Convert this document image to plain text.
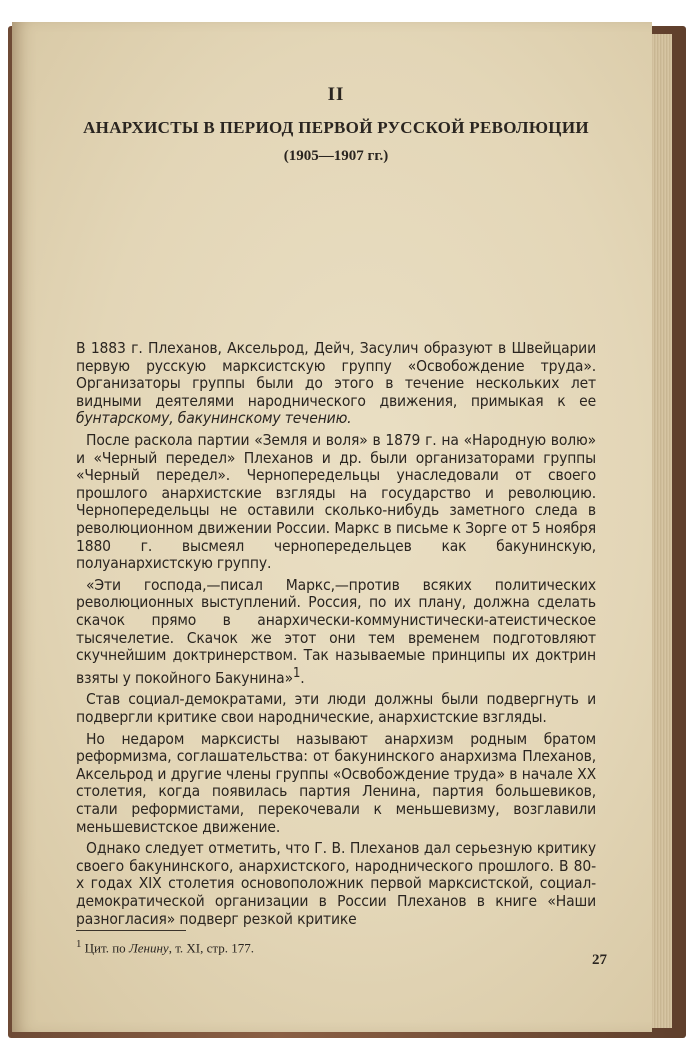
II

АНАРХИСТЫ В ПЕРИОД ПЕРВОЙ РУССКОЙ РЕВОЛЮЦИИ

(1905—1907 гг.)

В 1883 г. Плеханов, Аксельрод, Дейч, Засулич образуют в Швейцарии первую русскую марксистскую группу «Освобождение труда». Организаторы группы были до этого в течение нескольких лет видными деятелями народнического движения, примыкая к ее бунтарскому, бакунинскому течению.

После раскола партии «Земля и воля» в 1879 г. на «Народную волю» и «Черный передел» Плеханов и др. были организаторами группы «Черный передел». Чернопередельцы унаследовали от своего прошлого анархистские взгляды на государство и революцию. Чернопередельцы не оставили сколько-нибудь заметного следа в революционном движении России. Маркс в письме к Зорге от 5 ноября 1880 г. высмеял чернопередельцев как бакунинскую, полуанархистскую группу.

«Эти господа,—писал Маркс,—против всяких политических революционных выступлений. Россия, по их плану, должна сделать скачок прямо в анархически-коммунистически-атеистическое тысячелетие. Скачок же этот они тем временем подготовляют скучнейшим доктринерством. Так называемые принципы их доктрин взяты у покойного Бакунина»$^1$.

Став социал-демократами, эти люди должны были подвергнуть и подвергли критике свои народнические, анархистские взгляды.

Но недаром марксисты называют анархизм родным братом реформизма, соглашательства: от бакунинского анархизма Плеханов, Аксельрод и другие члены группы «Освобождение труда» в начале XX столетия, когда появилась партия Ленина, партия большевиков, стали реформистами, перекочевали к меньшевизму, возглавили меньшевистское движение.

Однако следует отметить, что Г. В. Плеханов дал серьезную критику своего бакунинского, анархистского, народнического прошлого. В 80-х годах XIX столетия основоположник первой марксистской, социал-демократической организации в России Плеханов в книге «Наши разногласия» подверг резкой критике

$^1$ Цит. по Ленину, т. XI, стр. 177.
27
